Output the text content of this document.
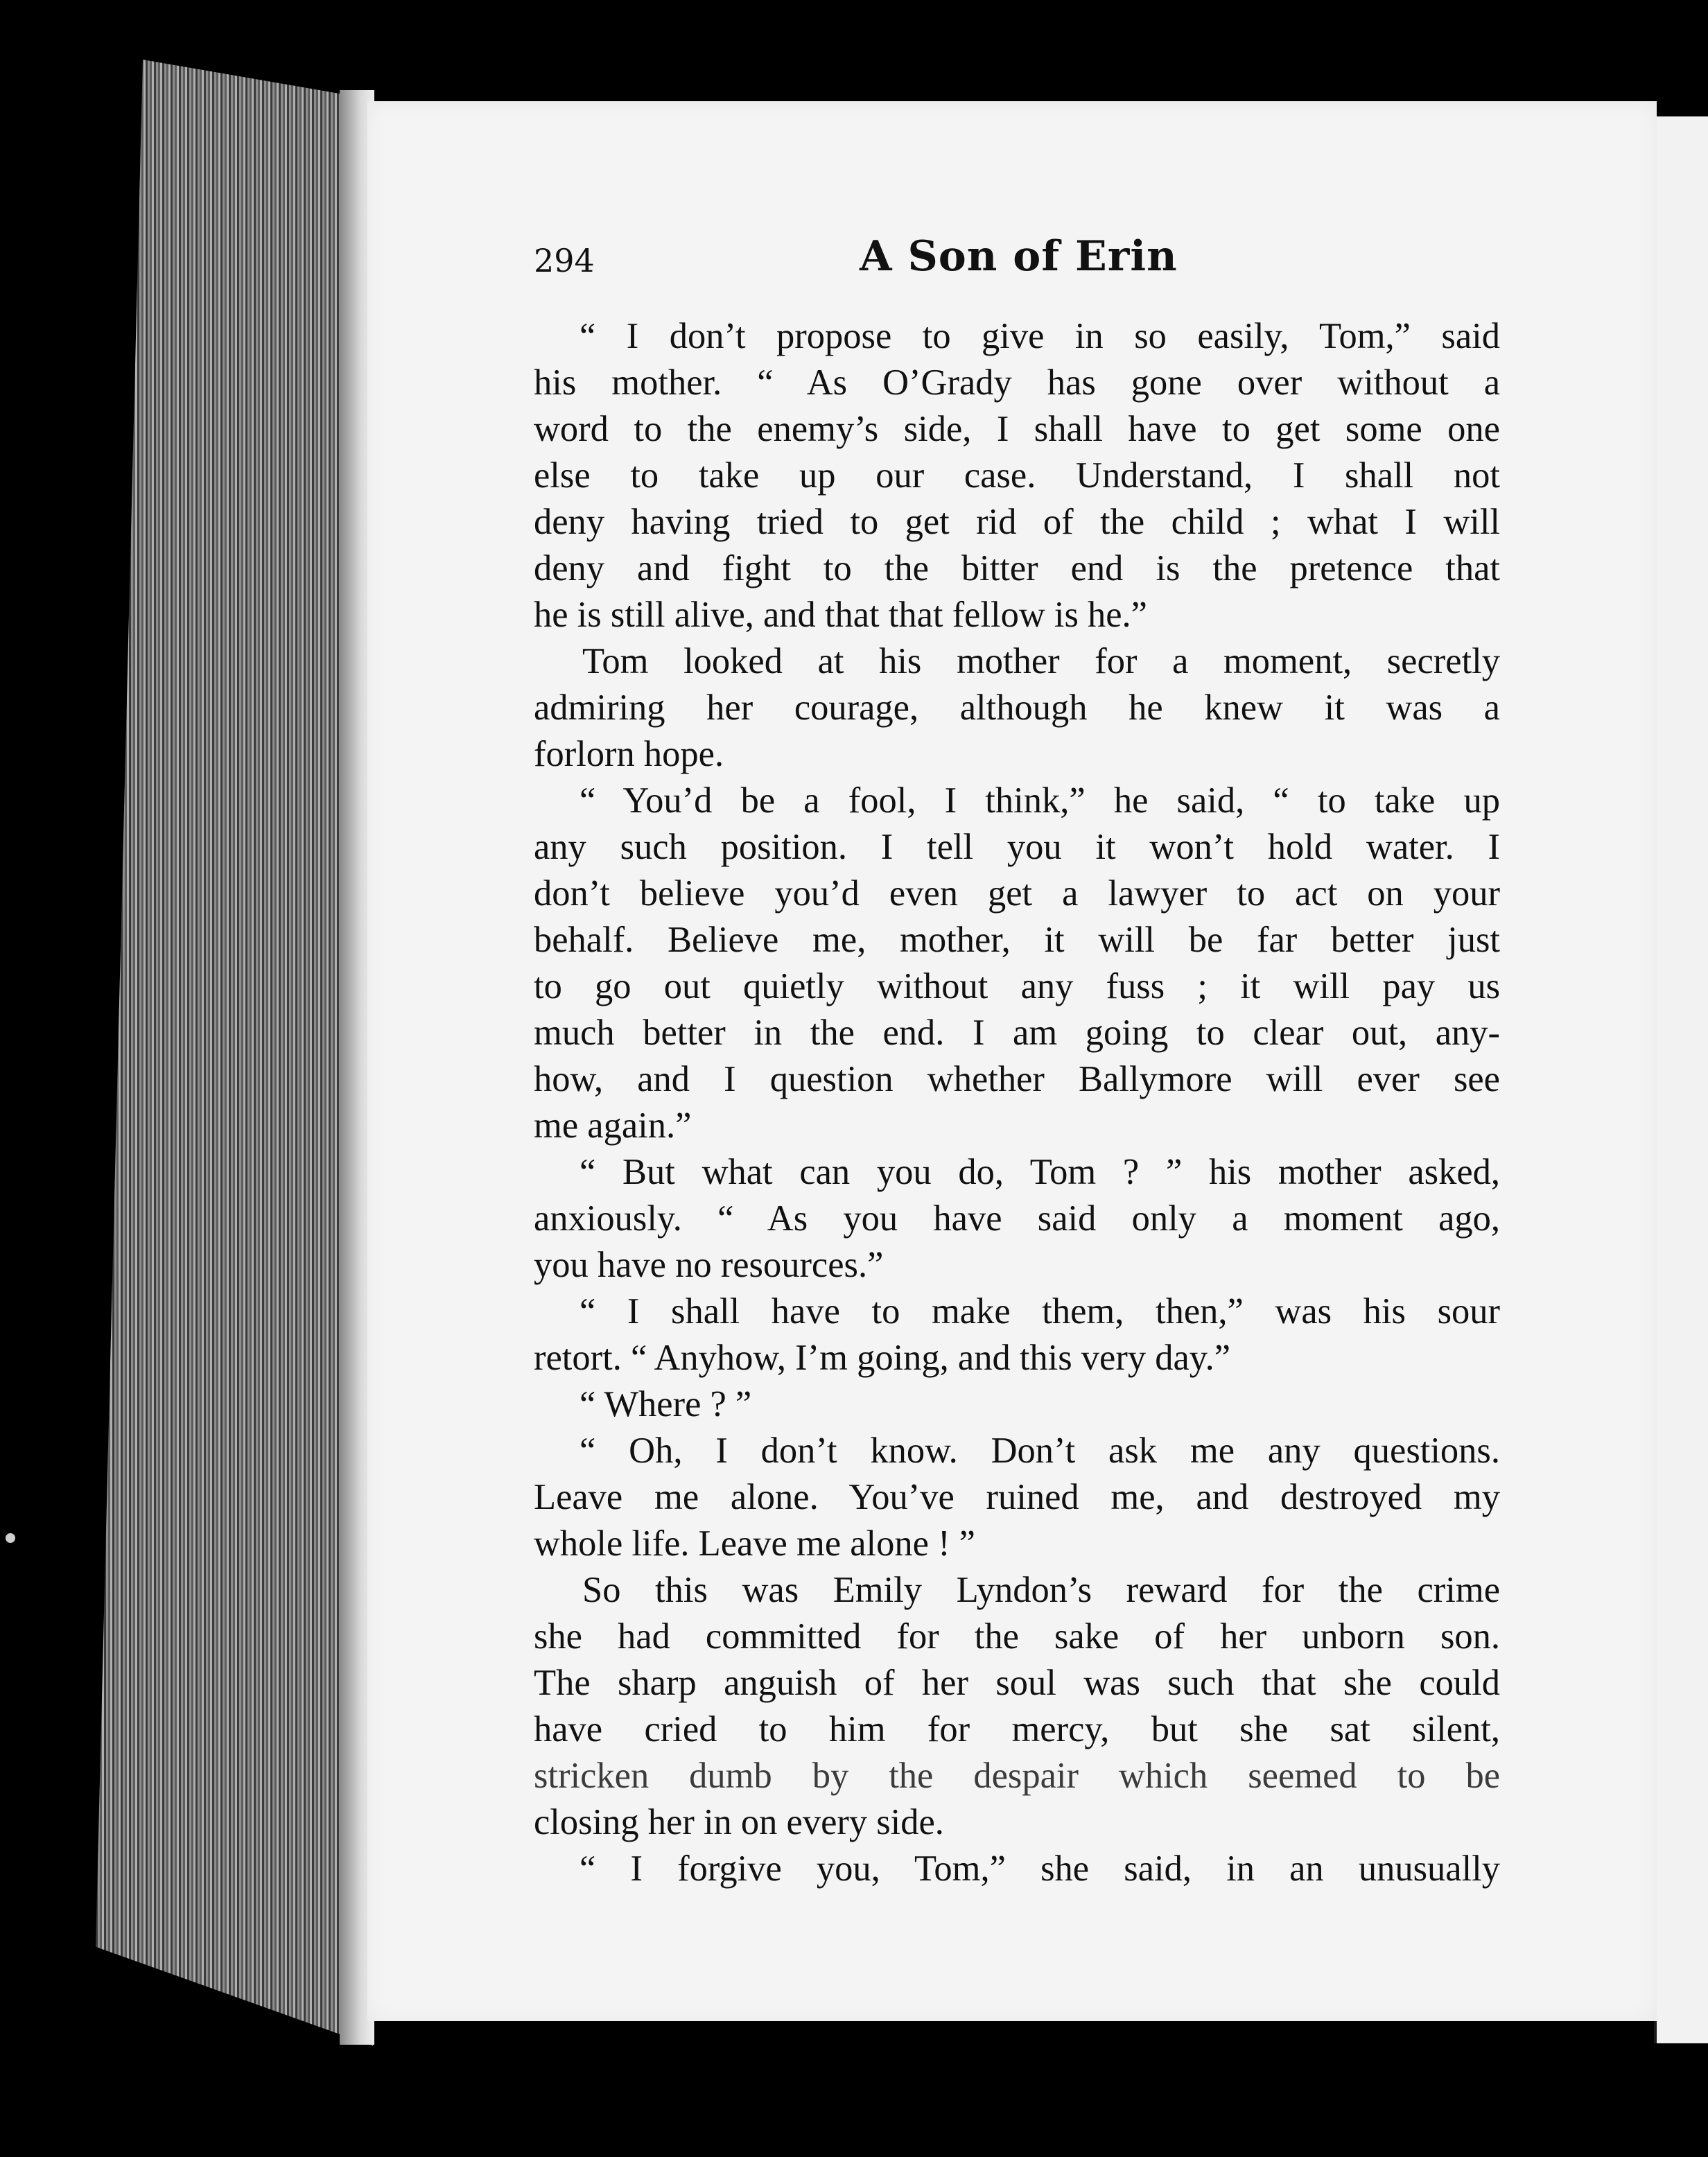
294	A Son of Erin
“ I don’t propose to give in so easily, Tom,” said
his mother. “ As O’Grady has gone over without a
word to the enemy’s side, I shall have to get some one
else to take up our case. Understand, I shall not
deny having tried to get rid of the child ; what I will
deny and fight to the bitter end is the pretence that
he is still alive, and that that fellow is he.”
Tom looked at his mother for a moment, secretly
admiring her courage, although he knew it was a
forlorn hope.
“ You’d be a fool, I think,” he said, “ to take up
any such position. I tell you it won’t hold water. I
don’t believe you’d even get a lawyer to act on your
behalf. Believe me, mother, it will be far better just
to go out quietly without any fuss ; it will pay us
much better in the end. I am going to clear out, any-
how, and I question whether Ballymore will ever see
me again.”
“ But what can you do, Tom ? ” his mother asked,
anxiously. “ As you have said only a moment ago,
you have no resources.”
“ I shall have to make them, then,” was his sour
retort. “ Anyhow, I’m going, and this very day.”
“ Where ? ”
“ Oh, I don’t know. Don’t ask me any questions.
Leave me alone. You’ve ruined me, and destroyed my
whole life. Leave me alone ! ”
So this was Emily Lyndon’s reward for the crime
she had committed for the sake of her unborn son.
The sharp anguish of her soul was such that she could
have cried to him for mercy, but she sat silent,
stricken dumb by the despair which seemed to be
closing her in on every side.
“ I forgive you, Tom,” she said, in an unusually
